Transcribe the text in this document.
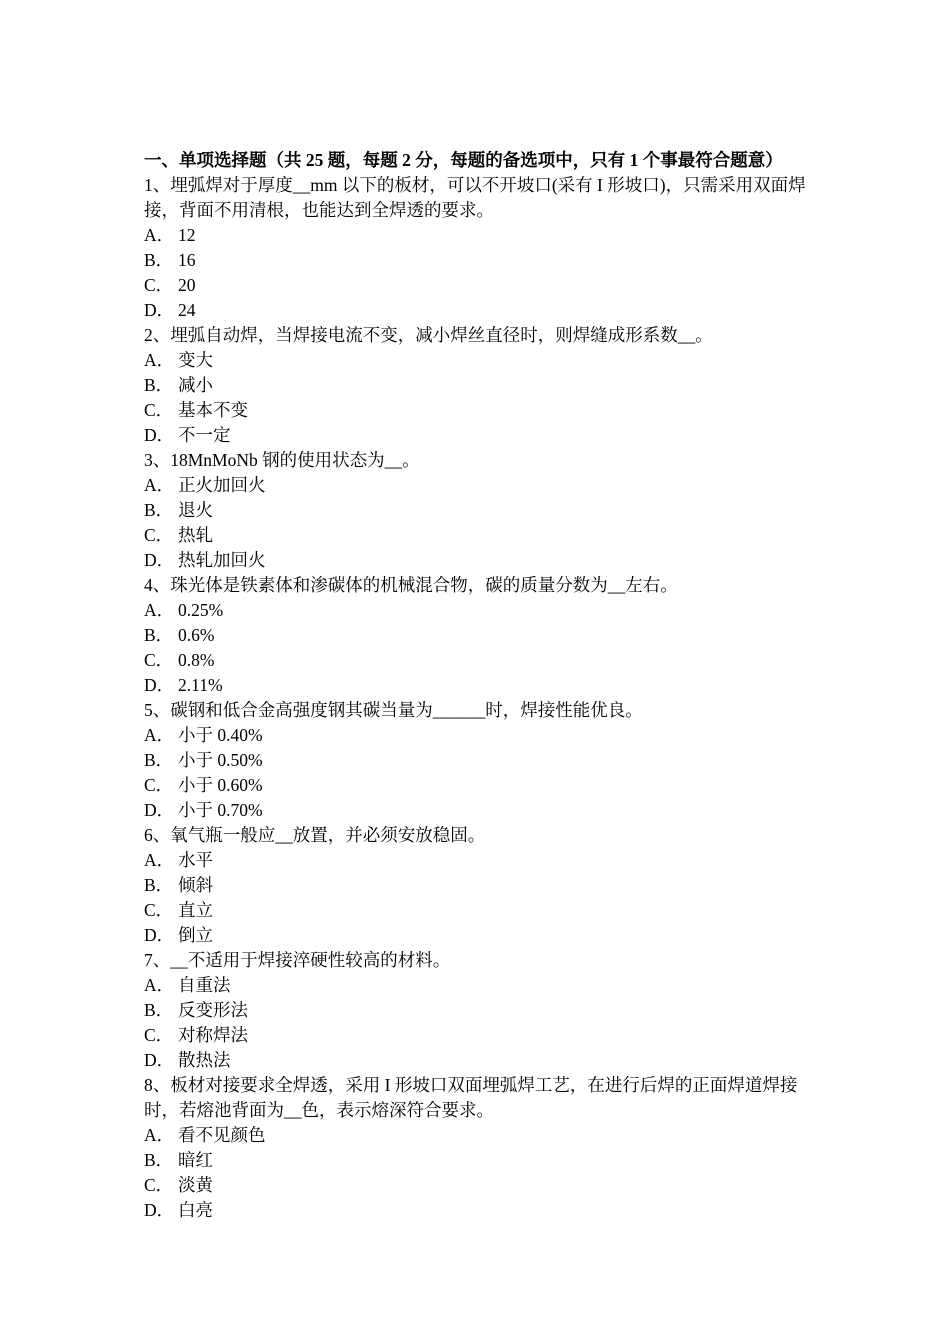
一、单项选择题（共 25 题，每题 2 分，每题的备选项中，只有 1 个事最符合题意）
1、埋弧焊对于厚度__mm 以下的板材，可以不开坡口(采有 I 形坡口)，只需采用双面焊接，背面不用清根，也能达到全焊透的要求。
A． 12
B． 16
C． 20
D． 24
2、埋弧自动焊，当焊接电流不变，减小焊丝直径时，则焊缝成形系数__。
A． 变大
B． 减小
C． 基本不变
D． 不一定
3、18MnMoNb 钢的使用状态为__。
A． 正火加回火
B． 退火
C． 热轧
D． 热轧加回火
4、珠光体是铁素体和渗碳体的机械混合物，碳的质量分数为__左右。
A． 0.25%
B． 0.6%
C． 0.8%
D． 2.11%
5、碳钢和低合金高强度钢其碳当量为______时，焊接性能优良。
A． 小于 0.40%
B． 小于 0.50%
C． 小于 0.60%
D． 小于 0.70%
6、氧气瓶一般应__放置，并必须安放稳固。
A． 水平
B． 倾斜
C． 直立
D． 倒立
7、__不适用于焊接淬硬性较高的材料。
A． 自重法
B． 反变形法
C． 对称焊法
D． 散热法
8、板材对接要求全焊透，采用 I 形坡口双面埋弧焊工艺，在进行后焊的正面焊道焊接时，若熔池背面为__色，表示熔深符合要求。
A． 看不见颜色
B． 暗红
C． 淡黄
D． 白亮
